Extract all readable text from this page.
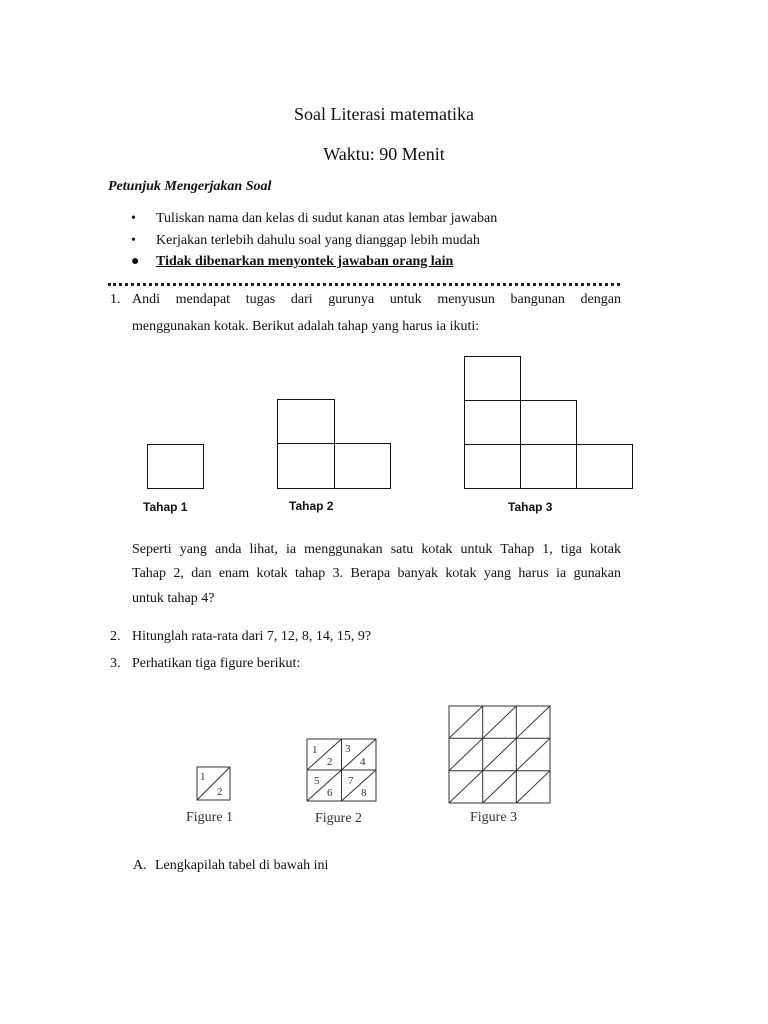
Soal Literasi matematika
Waktu: 90 Menit
Petunjuk Mengerjakan Soal
• Tuliskan nama dan kelas di sudut kanan atas lembar jawaban
• Kerjakan terlebih dahulu soal yang dianggap lebih mudah
● Tidak dibenarkan menyontek jawaban orang lain
1. Andi mendapat tugas dari gurunya untuk menyusun bangunan dengan
menggunakan kotak. Berikut adalah tahap yang harus ia ikuti:
Tahap 1	Tahap 2	Tahap 3
Seperti yang anda lihat, ia menggunakan satu kotak untuk Tahap 1, tiga kotak
Tahap 2, dan enam kotak tahap 3. Berapa banyak kotak yang harus ia gunakan
untuk tahap 4?
2. Hitunglah rata-rata dari 7, 12, 8, 14, 15, 9?
3. Perhatikan tiga figure berikut:
1
2
1
2
3
4
5
6
7
8
Figure 1	Figure 2	Figure 3
A. Lengkapilah tabel di bawah ini
